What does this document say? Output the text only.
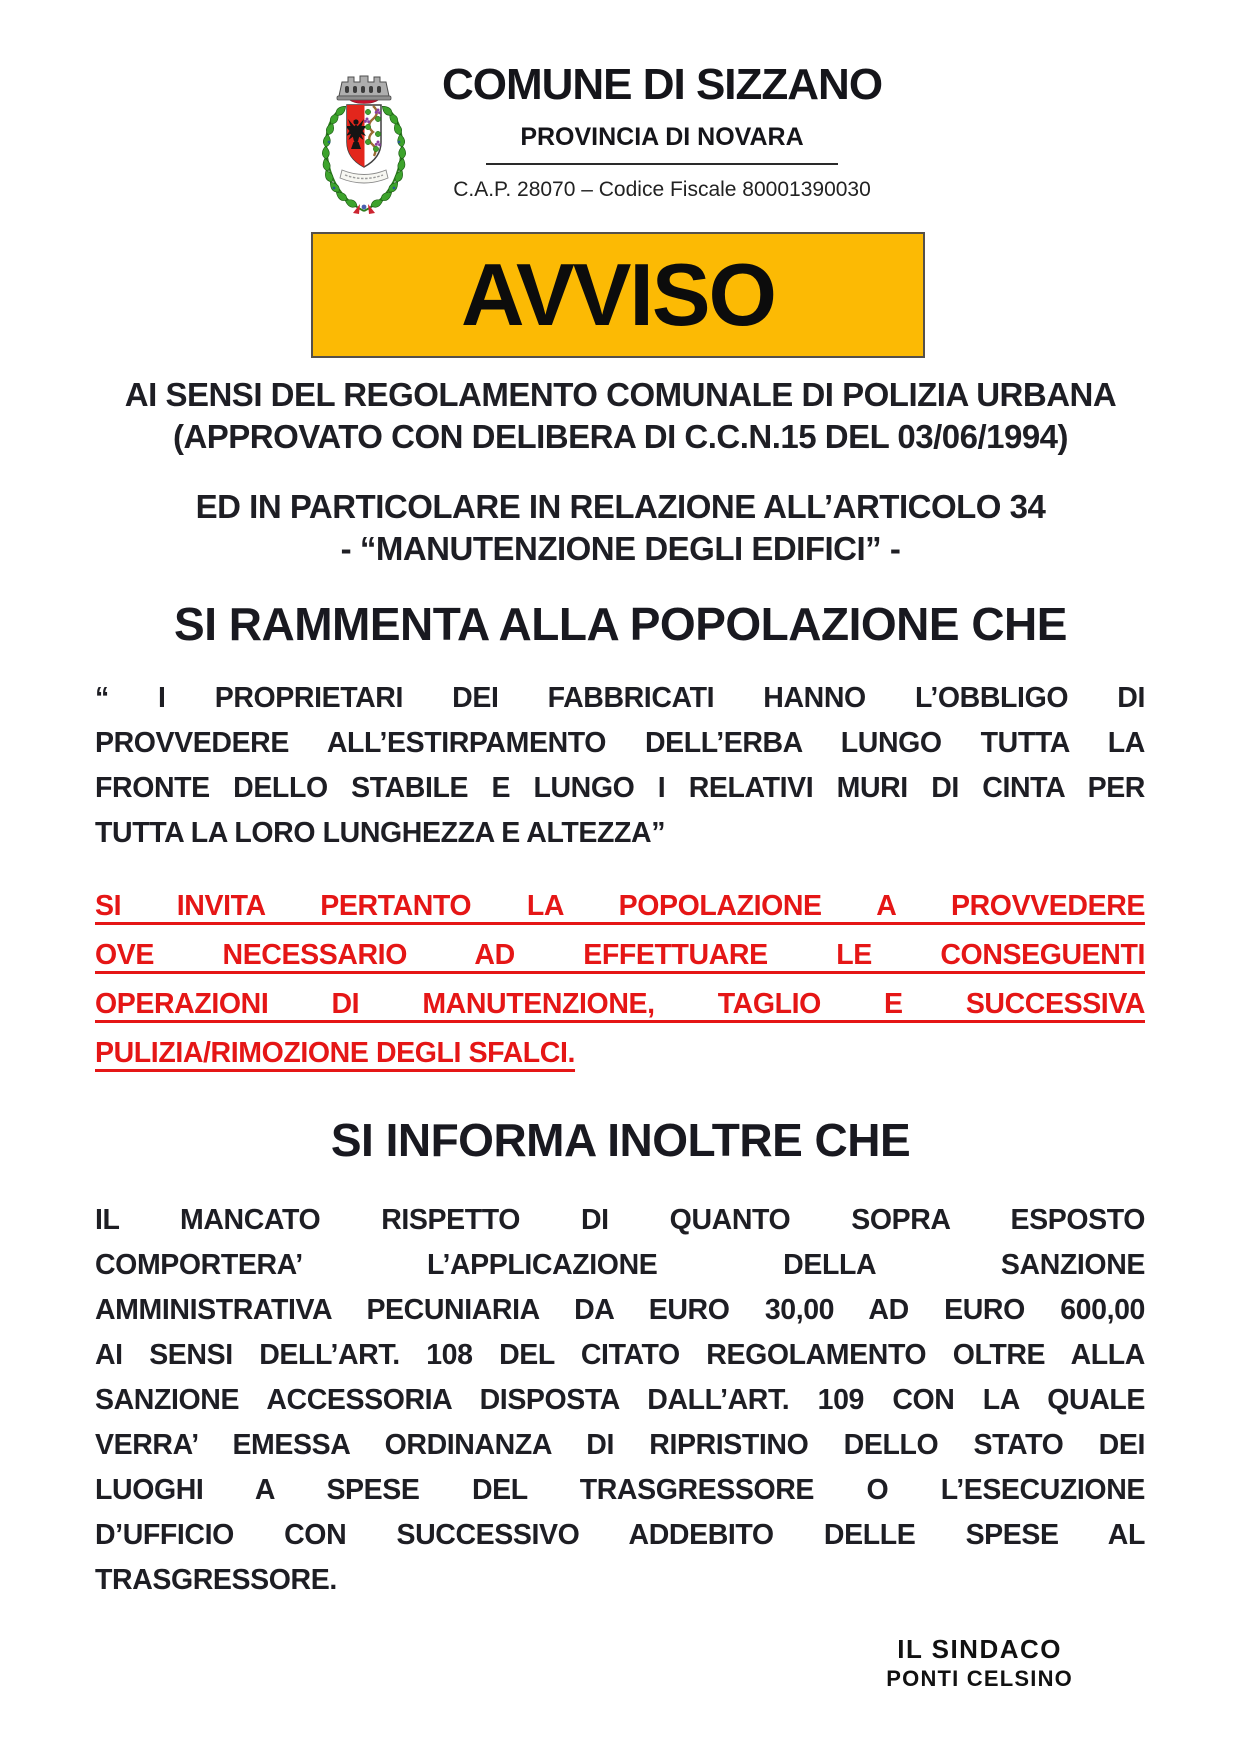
COMUNE DI SIZZANO
PROVINCIA DI NOVARA
C.A.P. 28070 – Codice Fiscale 80001390030
AVVISO
AI SENSI DEL REGOLAMENTO COMUNALE DI POLIZIA URBANA
(APPROVATO CON DELIBERA DI C.C.N.15 DEL 03/06/1994)
ED IN PARTICOLARE IN RELAZIONE ALL’ARTICOLO 34
- “MANUTENZIONE DEGLI EDIFICI” -
SI RAMMENTA ALLA POPOLAZIONE CHE
“ I PROPRIETARI DEI FABBRICATI HANNO L’OBBLIGO DI
PROVVEDERE ALL’ESTIRPAMENTO DELL’ERBA LUNGO TUTTA LA
FRONTE DELLO STABILE E LUNGO I RELATIVI MURI DI CINTA PER
TUTTA LA LORO LUNGHEZZA E ALTEZZA”
SI INVITA PERTANTO LA POPOLAZIONE A PROVVEDERE
OVE NECESSARIO AD EFFETTUARE LE CONSEGUENTI
OPERAZIONI DI MANUTENZIONE, TAGLIO E SUCCESSIVA
PULIZIA/RIMOZIONE DEGLI SFALCI.
SI INFORMA INOLTRE CHE
IL MANCATO RISPETTO DI QUANTO SOPRA ESPOSTO
COMPORTERA’ L’APPLICAZIONE DELLA SANZIONE
AMMINISTRATIVA PECUNIARIA DA EURO 30,00 AD EURO 600,00
AI SENSI DELL’ART. 108 DEL CITATO REGOLAMENTO OLTRE ALLA
SANZIONE ACCESSORIA DISPOSTA DALL’ART. 109 CON LA QUALE
VERRA’ EMESSA ORDINANZA DI RIPRISTINO DELLO STATO DEI
LUOGHI A SPESE DEL TRASGRESSORE O L’ESECUZIONE
D’UFFICIO CON SUCCESSIVO ADDEBITO DELLE SPESE AL
TRASGRESSORE.
IL SINDACO
PONTI CELSINO
